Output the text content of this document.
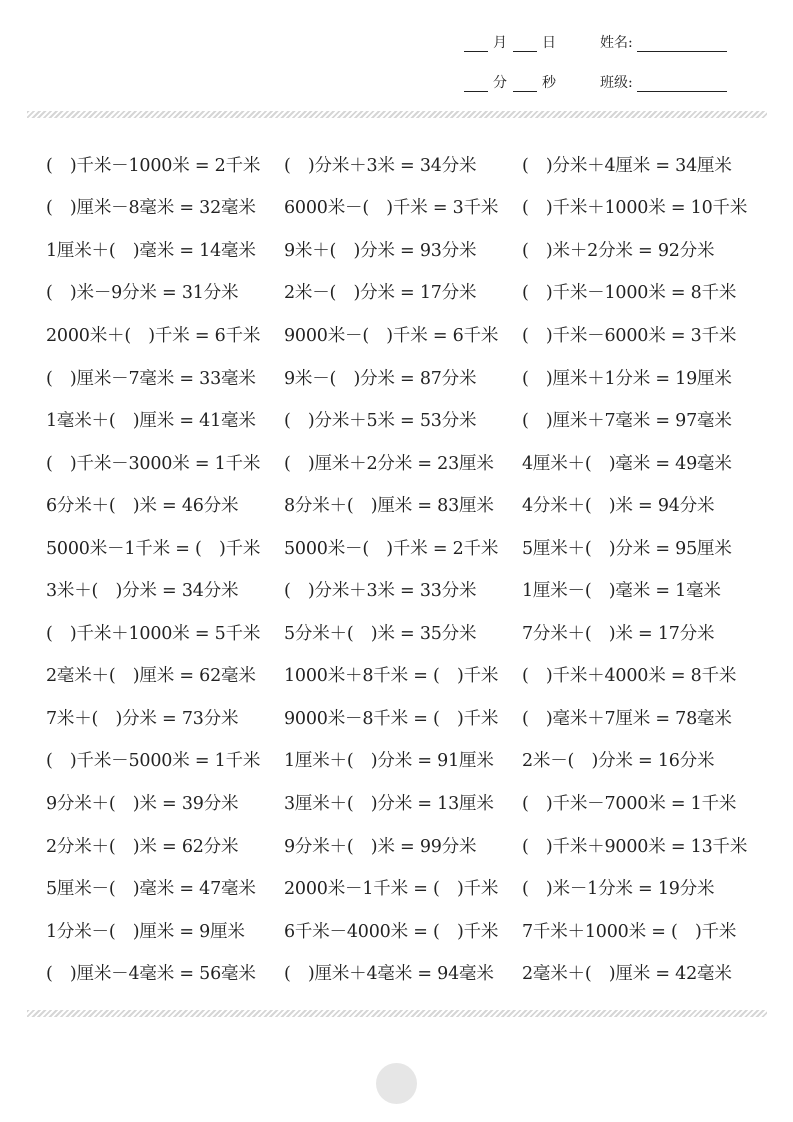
月	日	姓名:
分	秒	班级:
(　)千米－1000米 = 2千米	(　)分米＋3米 = 34分米	(　)分米＋4厘米 = 34厘米
(　)厘米－8毫米 = 32毫米	6000米－(　)千米 = 3千米	(　)千米＋1000米 = 10千米
1厘米＋(　)毫米 = 14毫米	9米＋(　)分米 = 93分米	(　)米＋2分米 = 92分米
(　)米－9分米 = 31分米	2米－(　)分米 = 17分米	(　)千米－1000米 = 8千米
2000米＋(　)千米 = 6千米	9000米－(　)千米 = 6千米	(　)千米－6000米 = 3千米
(　)厘米－7毫米 = 33毫米	9米－(　)分米 = 87分米	(　)厘米＋1分米 = 19厘米
1毫米＋(　)厘米 = 41毫米	(　)分米＋5米 = 53分米	(　)厘米＋7毫米 = 97毫米
(　)千米－3000米 = 1千米	(　)厘米＋2分米 = 23厘米	4厘米＋(　)毫米 = 49毫米
6分米＋(　)米 = 46分米	8分米＋(　)厘米 = 83厘米	4分米＋(　)米 = 94分米
5000米－1千米 = (　)千米	5000米－(　)千米 = 2千米	5厘米＋(　)分米 = 95厘米
3米＋(　)分米 = 34分米	(　)分米＋3米 = 33分米	1厘米－(　)毫米 = 1毫米
(　)千米＋1000米 = 5千米	5分米＋(　)米 = 35分米	7分米＋(　)米 = 17分米
2毫米＋(　)厘米 = 62毫米	1000米＋8千米 = (　)千米	(　)千米＋4000米 = 8千米
7米＋(　)分米 = 73分米	9000米－8千米 = (　)千米	(　)毫米＋7厘米 = 78毫米
(　)千米－5000米 = 1千米	1厘米＋(　)分米 = 91厘米	2米－(　)分米 = 16分米
9分米＋(　)米 = 39分米	3厘米＋(　)分米 = 13厘米	(　)千米－7000米 = 1千米
2分米＋(　)米 = 62分米	9分米＋(　)米 = 99分米	(　)千米＋9000米 = 13千米
5厘米－(　)毫米 = 47毫米	2000米－1千米 = (　)千米	(　)米－1分米 = 19分米
1分米－(　)厘米 = 9厘米	6千米－4000米 = (　)千米	7千米＋1000米 = (　)千米
(　)厘米－4毫米 = 56毫米	(　)厘米＋4毫米 = 94毫米	2毫米＋(　)厘米 = 42毫米
